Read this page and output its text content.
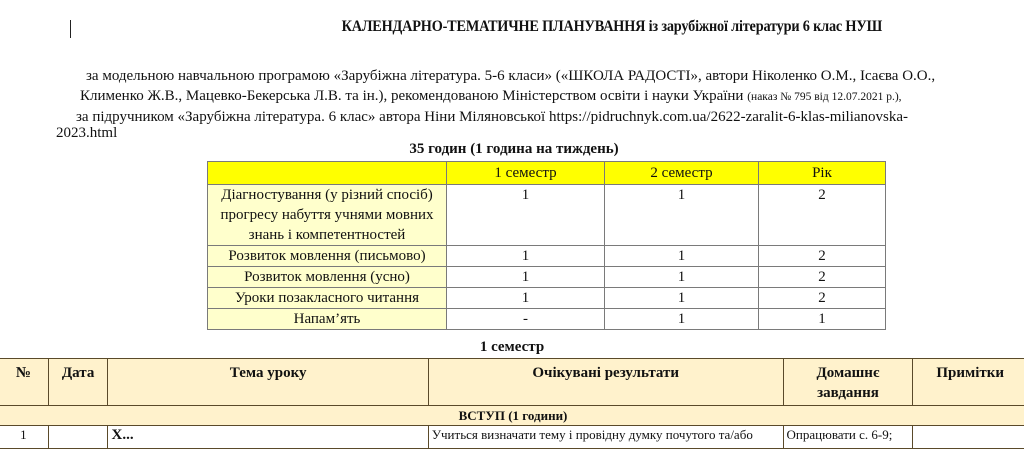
КАЛЕНДАРНО-ТЕМАТИЧНЕ ПЛАНУВАННЯ із зарубіжної літератури 6 клас НУШ
за модельною навчальною програмою «Зарубіжна література. 5-6 класи» («ШКОЛА РАДОСТІ», автори Ніколенко О.М., Ісаєва О.О.,
Клименко Ж.В., Мацевко-Бекерська Л.В. та ін.), рекомендованою Міністерством освіти і науки України (наказ № 795 від 12.07.2021 р.),
за підручником «Зарубіжна література. 6 клас» автора Ніни Міляновської https://pidruchnyk.com.ua/2622-zaralit-6-klas-milianovska-
2023.html
35 годин (1 година на тиждень)
	1 семестр	2 семестр	Рік
Діагностування (у різний спосіб) прогресу набуття учнями мовних знань і компетентностей	1	1	2
Розвиток мовлення (письмово)	1	1	2
Розвиток мовлення (усно)	1	1	2
Уроки позакласного читання	1	1	2
Напам’ять	-	1	1
1 семестр
№	Дата	Тема уроку	Очікувані результати	Домашнє завдання	Примітки
ВСТУП (1 години)					
1		Х...	Учиться визначати тему і провідну думку почутого та/або	Опрацювати с. 6-9;	
